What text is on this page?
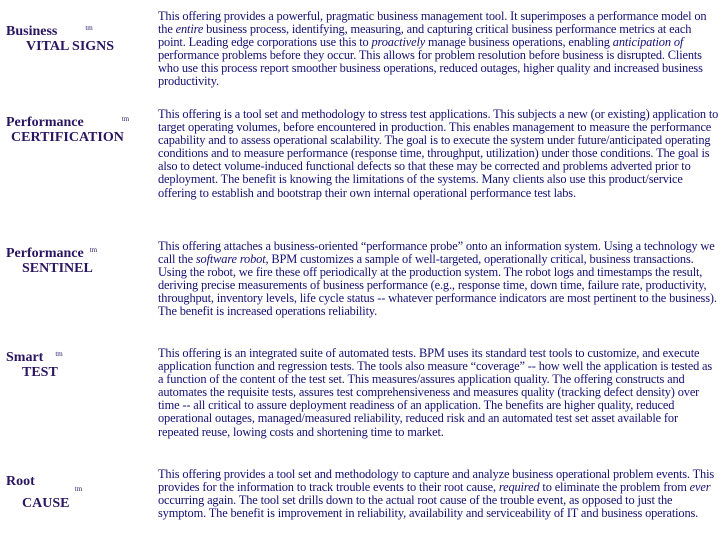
Business	$^{tm}$
VITAL SIGNS
This offering provides a powerful, pragmatic business management tool. It superimposes a performance model on the entire business process, identifying, measuring, and capturing critical business performance metrics at each point. Leading edge corporations use this to proactively manage business operations, enabling anticipation of performance problems before they occur. This allows for problem resolution before business is disrupted. Clients who use this process report smoother business operations, reduced outages, higher quality and increased business productivity.
Performance	$^{tm}$
CERTIFICATION
This offering is a tool set and methodology to stress test applications. This subjects a new (or existing) application to target operating volumes, before encountered in production. This enables management to measure the performance capability and to assess operational scalability. The goal is to execute the system under future/anticipated operating conditions and to measure performance (response time, throughput, utilization) under those conditions. The goal is also to detect volume-induced functional defects so that these may be corrected and problems adverted prior to deployment. The benefit is knowing the limitations of the systems. Many clients also use this product/service offering to establish and bootstrap their own internal operational performance test labs.
Performance $^{tm}$
SENTINEL
This offering attaches a business-oriented “performance probe” onto an information system. Using a technology we call the software robot, BPM customizes a sample of well-targeted, operationally critical, business transactions. Using the robot, we fire these off periodically at the production system. The robot logs and timestamps the result, deriving precise measurements of business performance (e.g., response time, down time, failure rate, productivity, throughput, inventory levels, life cycle status -- whatever performance indicators are most pertinent to the business). The benefit is increased operations reliability.
Smart $^{tm}$
TEST
This offering is an integrated suite of automated tests. BPM uses its standard test tools to customize, and execute application function and regression tests. The tools also measure “coverage” -- how well the application is tested as a function of the content of the test set. This measures/assures application quality. The offering constructs and automates the requisite tests, assures test comprehensiveness and measures quality (tracking defect density) over time -- all critical to assure deployment readiness of an application. The benefits are higher quality, reduced operational outages, managed/measured reliability, reduced risk and an automated test set asset available for repeated reuse, lowing costs and shortening time to market.
Root	$_{tm}$
CAUSE
This offering provides a tool set and methodology to capture and analyze business operational problem events. This provides for the information to track trouble events to their root cause, required to eliminate the problem from ever occurring again. The tool set drills down to the actual root cause of the trouble event, as opposed to just the symptom. The benefit is improvement in reliability, availability and serviceability of IT and business operations.
